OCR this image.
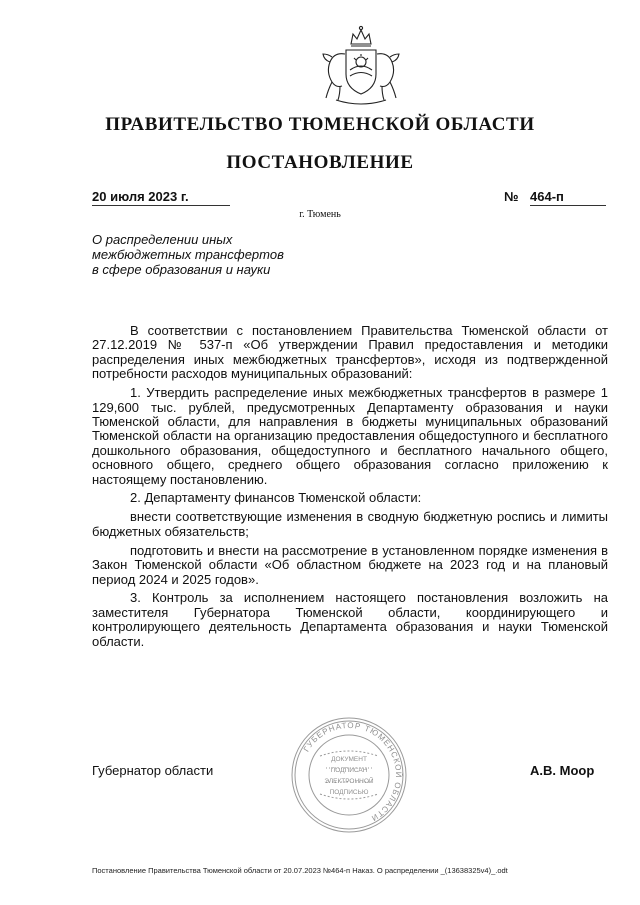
ПРАВИТЕЛЬСТВО ТЮМЕНСКОЙ ОБЛАСТИ
ПОСТАНОВЛЕНИЕ
20 июля 2023 г.	№ 464-п
г. Тюмень
О распределении иных
межбюджетных трансфертов
в сфере образования и науки

В соответствии с постановлением Правительства Тюменской области от 27.12.2019 № 537-п «Об утверждении Правил предоставления и методики распределения иных межбюджетных трансфертов», исходя из подтвержденной потребности расходов муниципальных образований:

1. Утвердить распределение иных межбюджетных трансфертов в размере 1 129,600 тыс. рублей, предусмотренных Департаменту образования и науки Тюменской области, для направления в бюджеты муниципальных образований Тюменской области на организацию предоставления общедоступного и бесплатного дошкольного образования, общедоступного и бесплатного начального общего, основного общего, среднего общего образования согласно приложению к настоящему постановлению.

2. Департаменту финансов Тюменской области:

внести соответствующие изменения в сводную бюджетную роспись и лимиты бюджетных обязательств;

подготовить и внести на рассмотрение в установленном порядке изменения в Закон Тюменской области «Об областном бюджете на 2023 год и на плановый период 2024 и 2025 годов».

3. Контроль за исполнением настоящего постановления возложить на заместителя Губернатора Тюменской области, координирующего и контролирующего деятельность Департамента образования и науки Тюменской области.

ГУБЕРНАТОР ТЮМЕНСКОЙ ОБЛАСТИ
ДОКУМЕНТ
ПОДПИСАН
ЭЛЕКТРОННОЙ
ПОДПИСЬЮ
Губернатор области	А.В. Моор
Постановление Правительства Тюменской области от 20.07.2023 №464-п Наказ. О распределении _(13638325v4)_.odt
